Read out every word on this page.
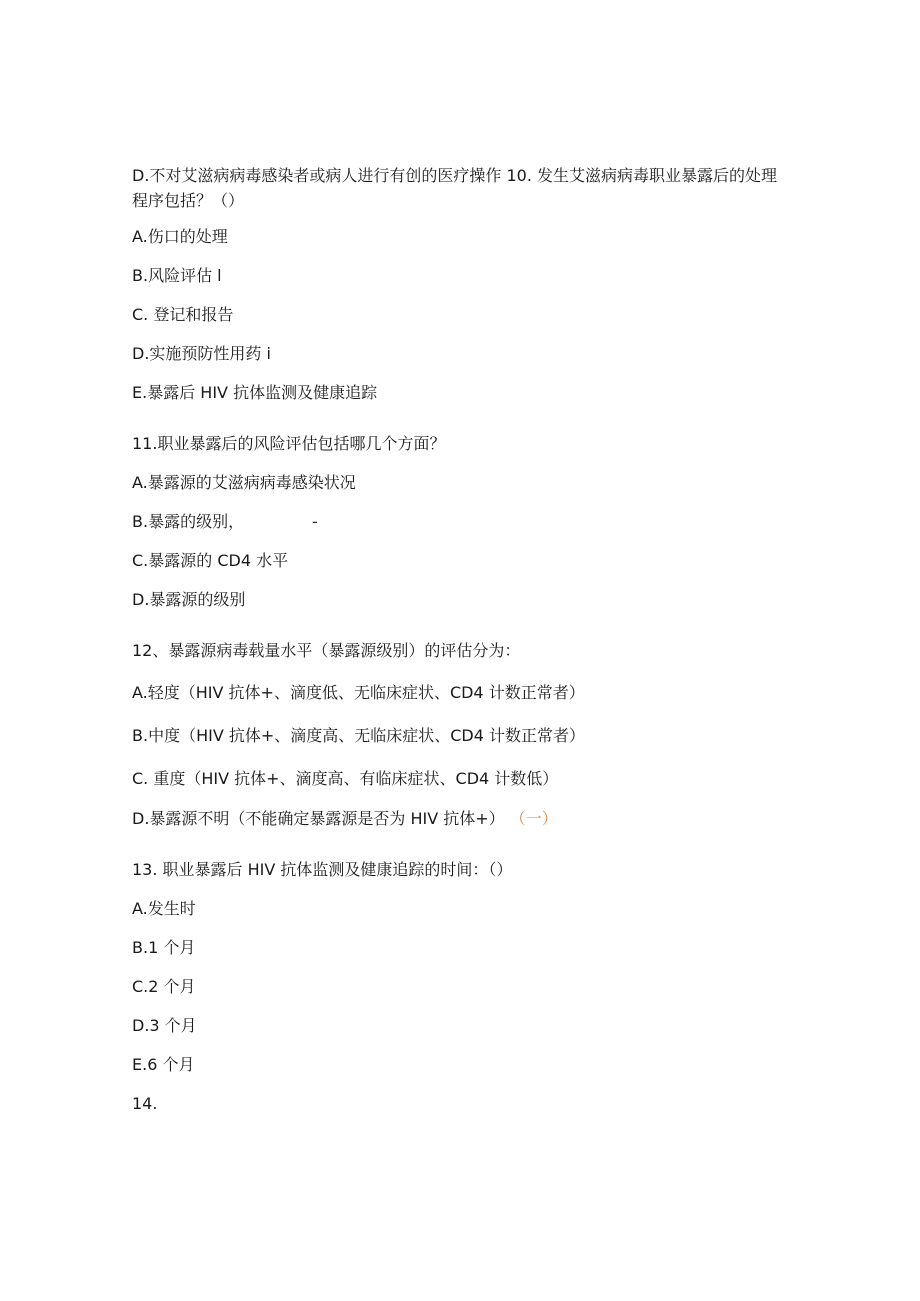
D.不对艾滋病病毒感染者或病人进行有创的医疗操作 10. 发生艾滋病病毒职业暴露后的处理程序包括？（）
A.伤口的处理
B.风险评估 l
C. 登记和报告
D.实施预防性用药 i
E.暴露后 HIV 抗体监测及健康追踪
11.职业暴露后的风险评估包括哪几个方面？
A.暴露源的艾滋病病毒感染状况
B.暴露的级别，	-
C.暴露源的 CD4 水平
D.暴露源的级别
12、暴露源病毒载量水平（暴露源级别）的评估分为：
A.轻度（HIV 抗体+、滴度低、无临床症状、CD4 计数正常者）
B.中度（HIV 抗体+、滴度高、无临床症状、CD4 计数正常者）
C. 重度（HIV 抗体+、滴度高、有临床症状、CD4 计数低）
D.暴露源不明（不能确定暴露源是否为 HIV 抗体+） （一）
13. 职业暴露后 HIV 抗体监测及健康追踪的时间：（）
A.发生时
B.1 个月
C.2 个月
D.3 个月
E.6 个月
14.
